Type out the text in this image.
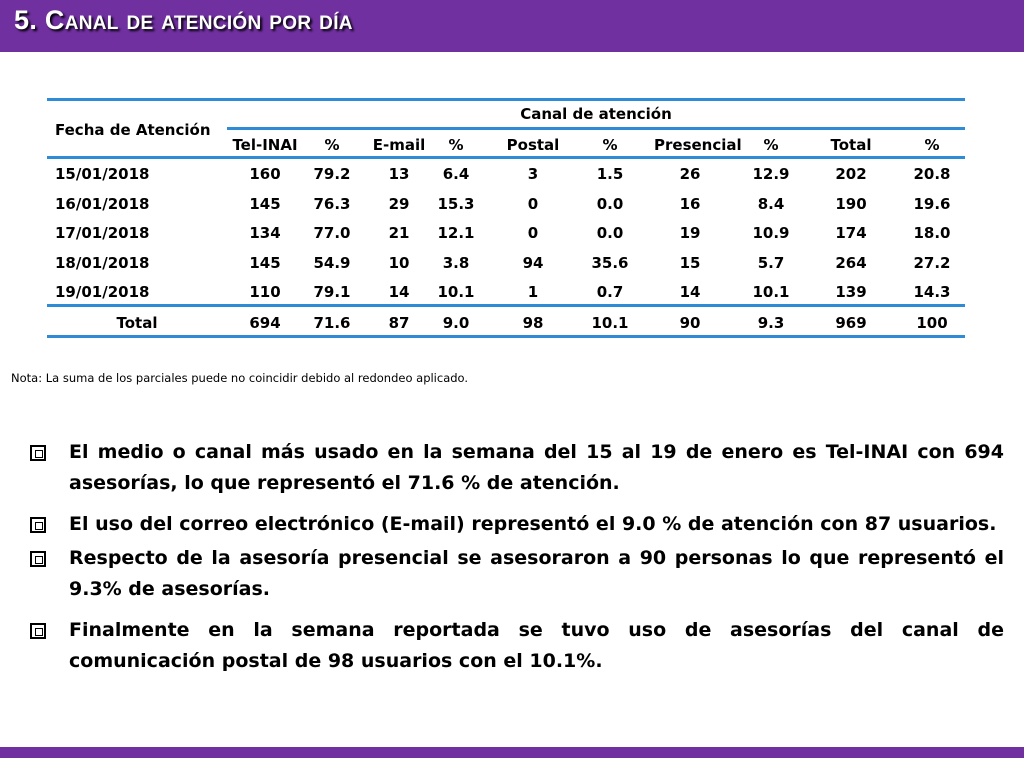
5. Canal de atención por día
Fecha de Atención
Canal de atención
Tel-INAI	%	E-mail	%	Postal	%	Presencial	%	Total	%
15/01/2018	160	79.2	13	6.4	3	1.5	26	12.9	202	20.8
16/01/2018	145	76.3	29	15.3	0	0.0	16	8.4	190	19.6
17/01/2018	134	77.0	21	12.1	0	0.0	19	10.9	174	18.0
18/01/2018	145	54.9	10	3.8	94	35.6	15	5.7	264	27.2
19/01/2018	110	79.1	14	10.1	1	0.7	14	10.1	139	14.3
Total	694	71.6	87	9.0	98	10.1	90	9.3	969	100
Nota: La suma de los parciales puede no coincidir debido al redondeo aplicado.
El medio o canal más usado en la semana del 15 al 19 de enero es Tel-INAI con 694 asesorías, lo que representó el 71.6 % de atención.
El uso del correo electrónico (E-mail) representó el 9.0 % de atención con 87 usuarios.
Respecto de la asesoría presencial se asesoraron a 90 personas lo que representó el 9.3% de asesorías.
Finalmente en la semana reportada se tuvo uso de asesorías del canal de comunicación postal de 98 usuarios con el 10.1%.
